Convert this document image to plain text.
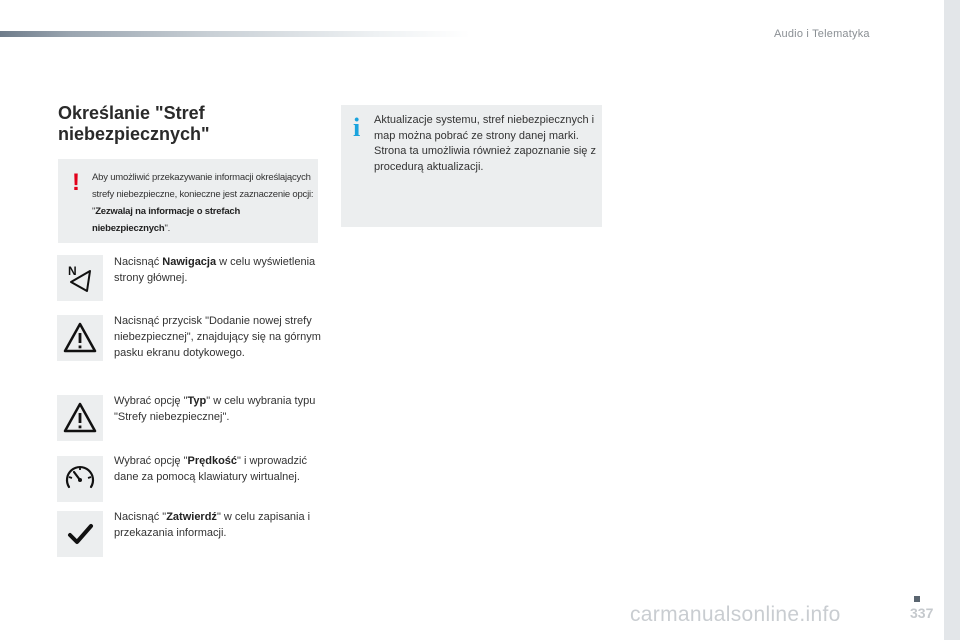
Audio i Telematyka
Określanie "Stref niebezpiecznych"
! Aby umożliwić przekazywanie informacji określających strefy niebezpieczne, konieczne jest zaznaczenie opcji: "Zezwalaj na informacje o strefach niebezpiecznych".

i Aktualizacje systemu, stref niebezpiecznych i map można pobrać ze strony danej marki.

Strona ta umożliwia również zapoznanie się z procedurą aktualizacji.

N

Nacisnąć Nawigacja w celu wyświetlenia strony głównej.

Nacisnąć przycisk "Dodanie nowej strefy niebezpiecznej", znajdujący się na górnym pasku ekranu dotykowego.

Wybrać opcję "Typ" w celu wybrania typu "Strefy niebezpiecznej".

Wybrać opcję "Prędkość" i wprowadzić dane za pomocą klawiatury wirtualnej.

Nacisnąć "Zatwierdź" w celu zapisania i przekazania informacji.

337
carmanualsonline.info
